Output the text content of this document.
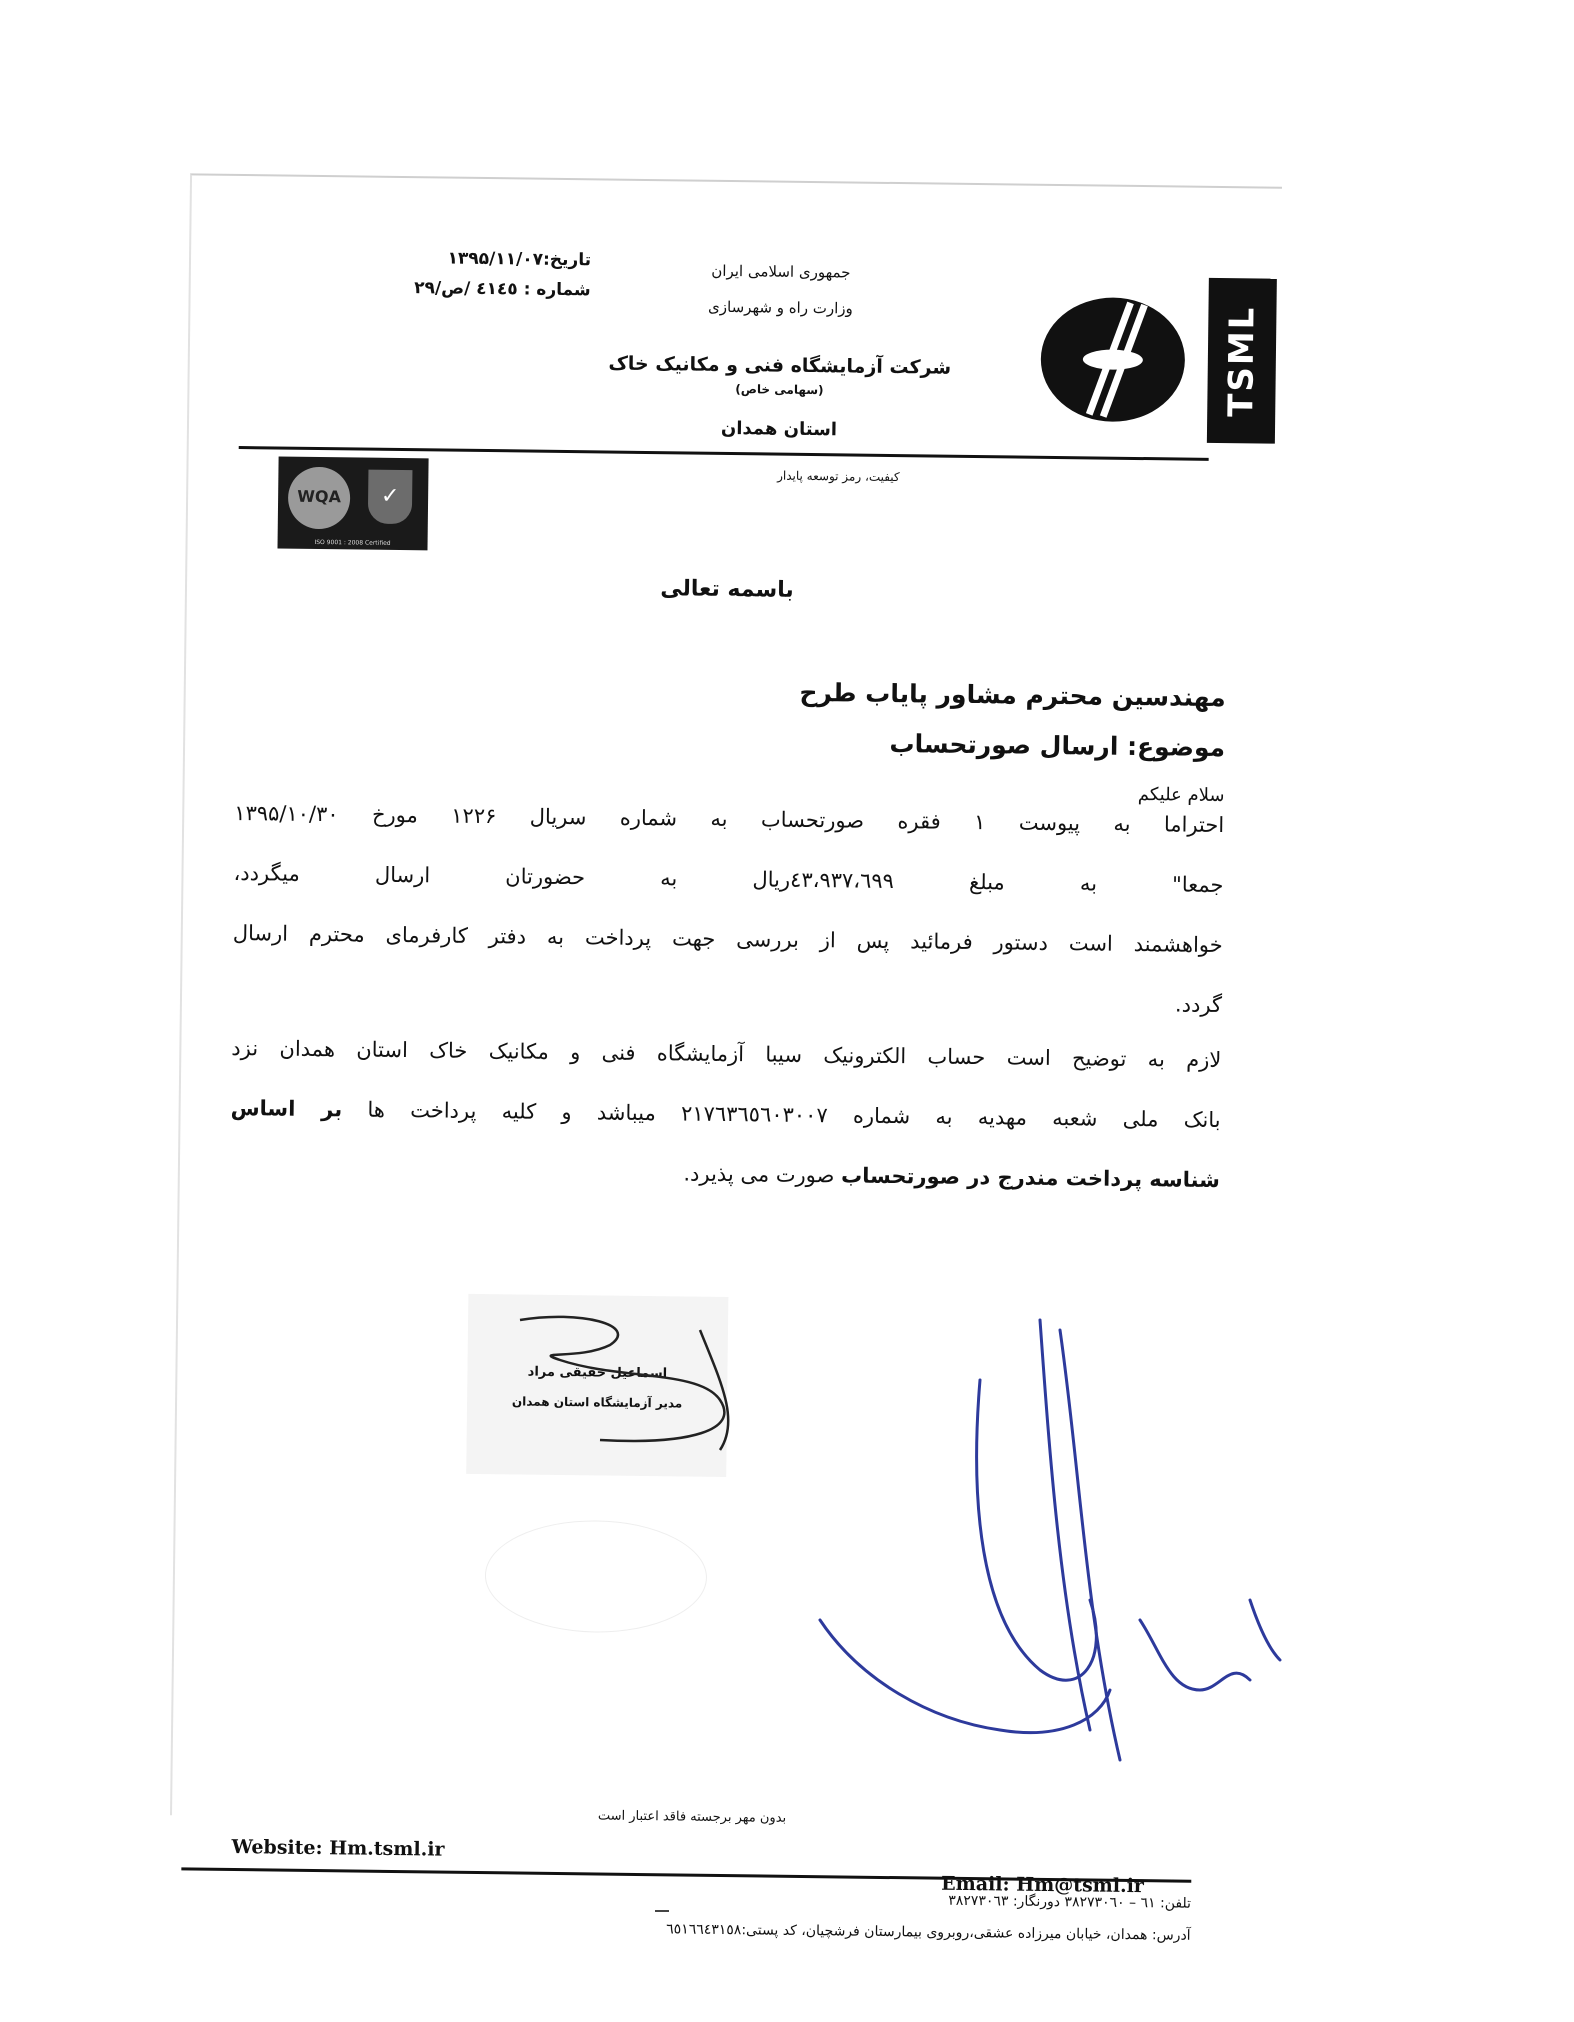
TSML
جمهوری اسلامی ایران
وزارت راه و شهرسازی
شرکت آزمایشگاه فنی و مکانیک خاک (سهامی خاص)
استان همدان
تاریخ:۱۳۹۵/۱۱/۰۷
شماره : ٤١٤٥ /ص/۲۹
کیفیت، رمز توسعه پایدار
WQA	✓
ISO 9001 : 2008 Certified
باسمه تعالی
مهندسین محترم مشاور پایاب طرح
موضوع: ارسال صورتحساب
سلام علیکم
احتراما به پیوست ۱ فقره صورتحساب به شماره سریال ۱۲۲۶ مورخ ۱۳۹۵/۱۰/۳۰
جمعا" به مبلغ ٤٣،٩٣٧،٦٩٩ریال به حضورتان ارسال میگردد،
خواهشمند است دستور فرمائید پس از بررسی جهت پرداخت به دفتر کارفرمای محترم ارسال
گردد.
لازم به توضیح است حساب الکترونیک سیبا آزمایشگاه فنی و مکانیک خاک استان همدان نزد
بانک ملی شعبه مهدیه به شماره ۲۱۷٦۳٦٥٦۰۳۰۰۷ میباشد و کلیه پرداخت ها بر اساس
شناسه پرداخت مندرج در صورتحساب صورت می پذیرد.
اسماعیل حقیقی مراد
مدیر آزمایشگاه استان همدان
بدون مهر برجسته فاقد اعتبار است
Website: Hm.tsml.ir
Email: Hm@tsml.ir
تلفن: ٦۱ – ۳۸۲۷۳۰٦۰ دورنگار: ۳۸۲۷۳۰٦۳
آدرس: همدان، خیابان میرزاده عشقی،روبروی بیمارستان فرشچیان، کد پستی:٦٥۱٦٦٤۳۱٥۸
